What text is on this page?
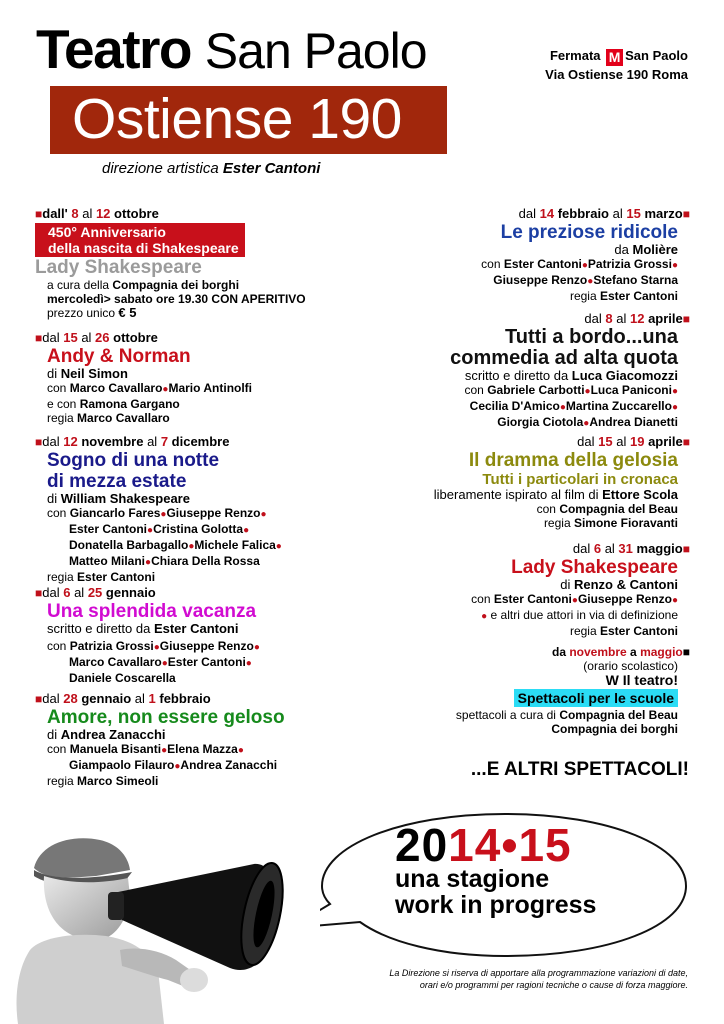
Teatro San Paolo
Ostiense 190
direzione artistica Ester Cantoni
Fermata M San Paolo
Via Ostiense 190 Roma
■dall' 8 al 12 ottobre
450° Anniversario
della nascita di Shakespeare
Lady Shakespeare
a cura della Compagnia dei borghi
mercoledì> sabato ore 19.30 CON APERITIVO
prezzo unico € 5
■dal 15 al 26 ottobre
Andy & Norman
di Neil Simon
con Marco Cavallaro●Mario Antinolfi
e con Ramona Gargano
regia Marco Cavallaro
■dal 12 novembre al 7 dicembre
Sogno di una notte
di mezza estate
di William Shakespeare
con Giancarlo Fares●Giuseppe Renzo●
Ester Cantoni●Cristina Golotta●
Donatella Barbagallo●Michele Falica●
Matteo Milani●Chiara Della Rossa
regia Ester Cantoni
■dal 6 al 25 gennaio
Una splendida vacanza
scritto e diretto da Ester Cantoni
con Patrizia Grossi●Giuseppe Renzo●
Marco Cavallaro●Ester Cantoni●
Daniele Coscarella
■dal 28 gennaio al 1 febbraio
Amore, non essere geloso
di Andrea Zanacchi
con Manuela Bisanti●Elena Mazza●
Giampaolo Filauro●Andrea Zanacchi
regia Marco Simeoli
dal 14 febbraio al 15 marzo■
Le preziose ridicole
da Molière
con Ester Cantoni●Patrizia Grossi●
Giuseppe Renzo●Stefano Starna
regia Ester Cantoni
dal 8 al 12 aprile■
Tutti a bordo...una
commedia ad alta quota
scritto e diretto da Luca Giacomozzi
con Gabriele Carbotti●Luca Paniconi●
Cecilia D'Amico●Martina Zuccarello●
Giorgia Ciotola●Andrea Dianetti
dal 15 al 19 aprile■
Il dramma della gelosia
Tutti i particolari in cronaca
liberamente ispirato al film di Ettore Scola
con Compagnia del Beau
regia Simone Fioravanti
dal 6 al 31 maggio■
Lady Shakespeare
di Renzo & Cantoni
con Ester Cantoni●Giuseppe Renzo●
● e altri due attori in via di definizione
regia Ester Cantoni
da novembre a maggio■
(orario scolastico)
W Il teatro!
Spettacoli per le scuole
spettacoli a cura di Compagnia del Beau
Compagnia dei borghi
...E ALTRI SPETTACOLI!
2014•15
una stagione
work in progress
La Direzione si riserva di apportare alla programmazione variazioni di date,
orari e/o programmi per ragioni tecniche o cause di forza maggiore.
